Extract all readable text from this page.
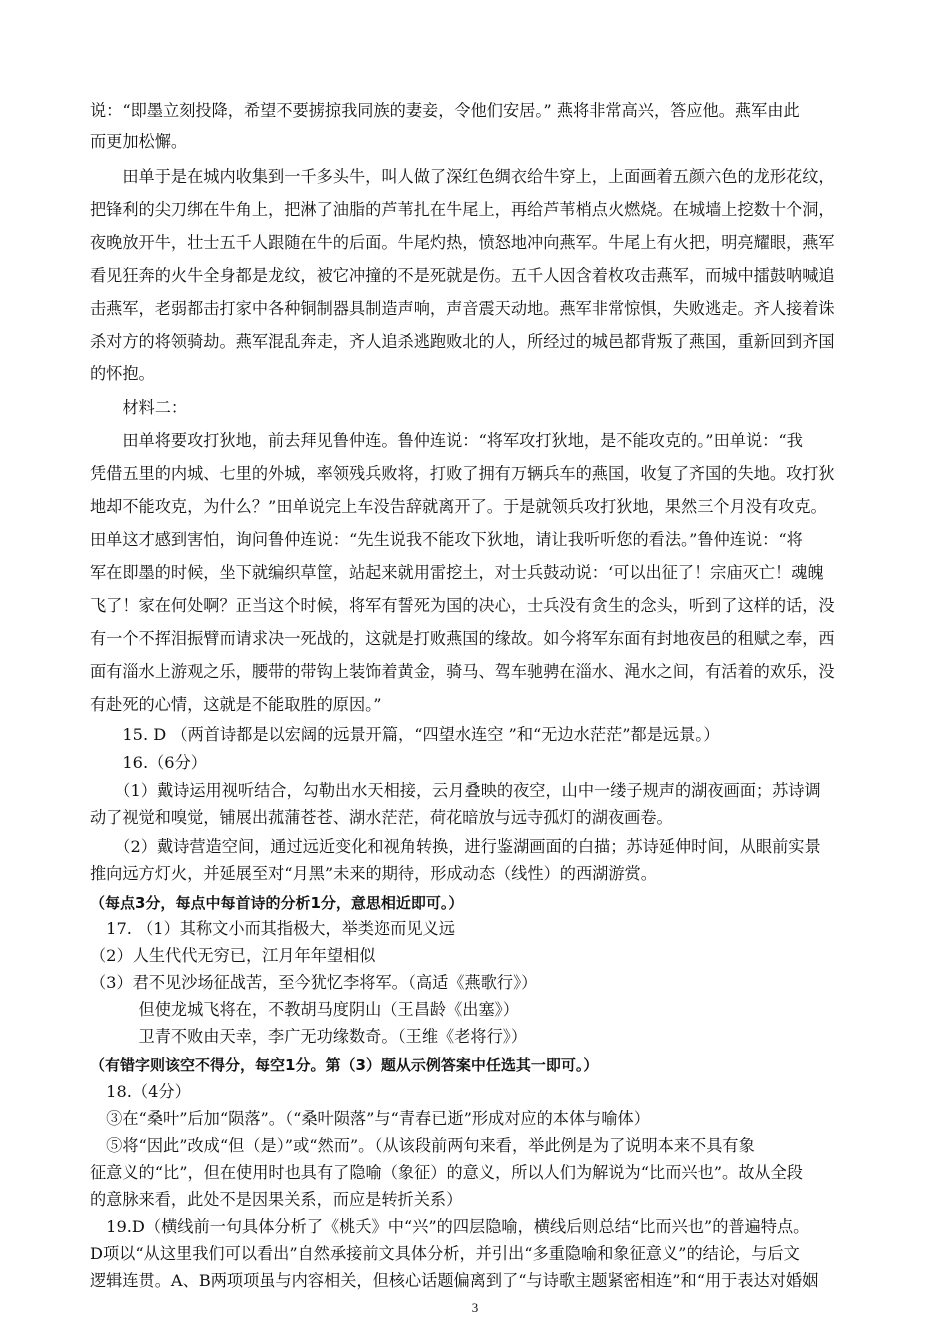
说：“即墨立刻投降，希望不要掳掠我同族的妻妾，令他们安居。” 燕将非常高兴，答应他。燕军由此
而更加松懈。
　　田单于是在城内收集到一千多头牛，叫人做了深红色绸衣给牛穿上，上面画着五颜六色的龙形花纹，
把锋利的尖刀绑在牛角上，把淋了油脂的芦苇扎在牛尾上，再给芦苇梢点火燃烧。在城墙上挖数十个洞，
夜晚放开牛，壮士五千人跟随在牛的后面。牛尾灼热，愤怒地冲向燕军。牛尾上有火把，明亮耀眼，燕军
看见狂奔的火牛全身都是龙纹，被它冲撞的不是死就是伤。五千人因含着枚攻击燕军，而城中擂鼓呐喊追
击燕军，老弱都击打家中各种铜制器具制造声响，声音震天动地。燕军非常惊惧，失败逃走。齐人接着诛
杀对方的将领骑劫。燕军混乱奔走，齐人追杀逃跑败北的人，所经过的城邑都背叛了燕国，重新回到齐国
的怀抱。
　　材料二：
　　田单将要攻打狄地，前去拜见鲁仲连。鲁仲连说：“将军攻打狄地，是不能攻克的。”田单说：“我
凭借五里的内城、七里的外城，率领残兵败将，打败了拥有万辆兵车的燕国，收复了齐国的失地。攻打狄
地却不能攻克，为什么？”田单说完上车没告辞就离开了。于是就领兵攻打狄地，果然三个月没有攻克。
田单这才感到害怕，询问鲁仲连说：“先生说我不能攻下狄地，请让我听听您的看法。”鲁仲连说：“将
军在即墨的时候，坐下就编织草筐，站起来就用雷挖土，对士兵鼓动说：‘可以出征了！宗庙灭亡！魂魄
飞了！家在何处啊？正当这个时候，将军有誓死为国的决心，士兵没有贪生的念头，听到了这样的话，没
有一个不挥泪振臂而请求决一死战的，这就是打败燕国的缘故。如今将军东面有封地夜邑的租赋之奉，西
面有淄水上游观之乐，腰带的带钩上装饰着黄金，骑马、驾车驰骋在淄水、渑水之间，有活着的欢乐，没
有赴死的心情，这就是不能取胜的原因。”
　　15. D （两首诗都是以宏阔的远景开篇，“四望水连空 ”和“无边水茫茫”都是远景。）
　　16.（6分）
　　（1）戴诗运用视听结合，勾勒出水天相接，云月叠映的夜空，山中一缕子规声的湖夜画面；苏诗调
动了视觉和嗅觉，铺展出菰蒲苍苍、湖水茫茫，荷花暗放与远寺孤灯的湖夜画卷。
　　（2）戴诗营造空间，通过远近变化和视角转换，进行鉴湖画面的白描；苏诗延伸时间，从眼前实景
推向远方灯火，并延展至对“月黑”未来的期待，形成动态（线性）的西湖游赏。
（每点3分，每点中每首诗的分析1分，意思相近即可。）
　17. （1）其称文小而其指极大，举类迩而见义远
（2）人生代代无穷已，江月年年望相似
（3）君不见沙场征战苦，至今犹忆李将军。（高适《燕歌行》）
　　　但使龙城飞将在，不教胡马度阴山（王昌龄《出塞》）
　　　卫青不败由天幸，李广无功缘数奇。（王维《老将行》）
（有错字则该空不得分，每空1分。第（3）题从示例答案中任选其一即可。）
　18.（4分）
　③在“桑叶”后加“陨落”。（“桑叶陨落”与“青春已逝”形成对应的本体与喻体）
　⑤将“因此”改成“但（是）”或“然而”。（从该段前两句来看，举此例是为了说明本来不具有象
征意义的“比”，但在使用时也具有了隐喻（象征）的意义，所以人们为解说为“比而兴也”。故从全段
的意脉来看，此处不是因果关系，而应是转折关系）
　19.D（横线前一句具体分析了《桃夭》中“兴”的四层隐喻，横线后则总结“比而兴也”的普遍特点。
D项以“从这里我们可以看出”自然承接前文具体分析，并引出“多重隐喻和象征意义”的结论，与后文
逻辑连贯。A、B两项项虽与内容相关，但核心话题偏离到了“与诗歌主题紧密相连”和“用于表达对婚姻
3
